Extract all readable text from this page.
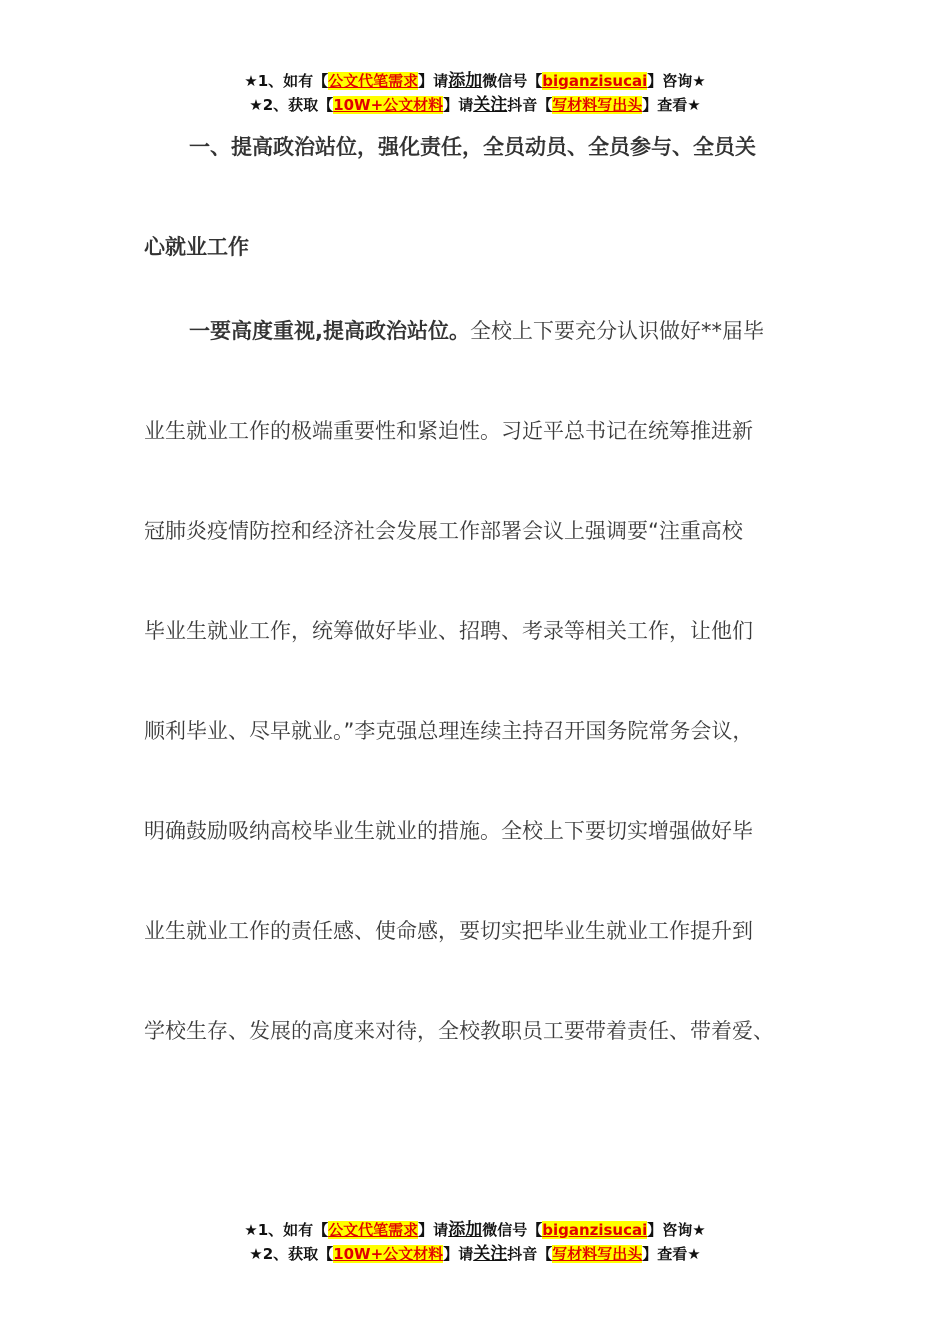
★1、如有【公文代笔需求】请添加微信号【biganzisucai】咨询★
★2、获取【10W+公文材料】请关注抖音【写材料写出头】查看★
一、提高政治站位，强化责任，全员动员、全员参与、全员关
心就业工作
一要高度重视,提高政治站位。全校上下要充分认识做好**届毕
业生就业工作的极端重要性和紧迫性。习近平总书记在统筹推进新
冠肺炎疫情防控和经济社会发展工作部署会议上强调要“注重高校
毕业生就业工作，统筹做好毕业、招聘、考录等相关工作，让他们
顺利毕业、尽早就业。”李克强总理连续主持召开国务院常务会议，
明确鼓励吸纳高校毕业生就业的措施。全校上下要切实增强做好毕
业生就业工作的责任感、使命感，要切实把毕业生就业工作提升到
学校生存、发展的高度来对待，全校教职员工要带着责任、带着爱、
★1、如有【公文代笔需求】请添加微信号【biganzisucai】咨询★
★2、获取【10W+公文材料】请关注抖音【写材料写出头】查看★
